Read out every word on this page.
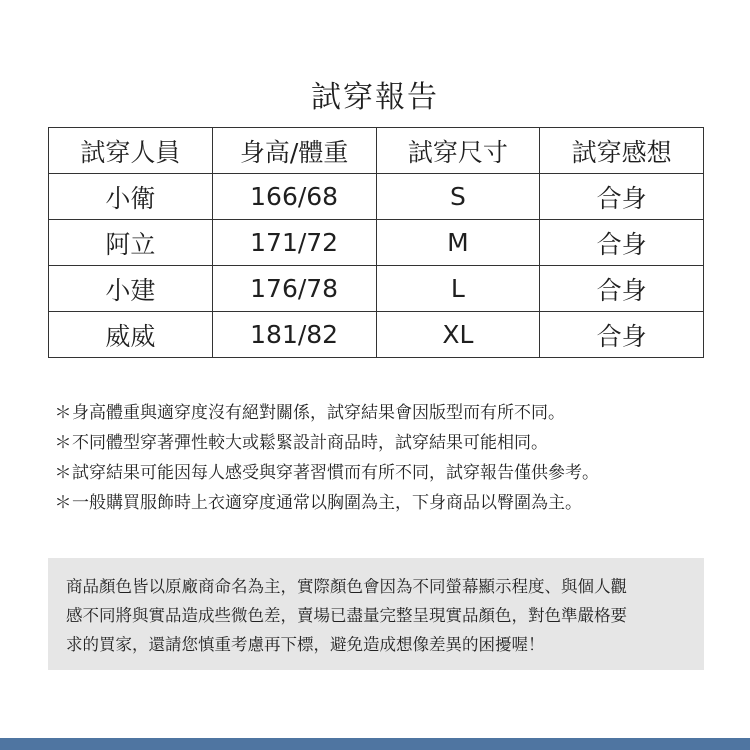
試穿報告
試穿人員	身高/體重	試穿尺寸	試穿感想
小衛	166/68	S	合身
阿立	171/72	M	合身
小建	176/78	L	合身
威威	181/82	XL	合身
＊身高體重與適穿度沒有絕對關係，試穿結果會因版型而有所不同。
＊不同體型穿著彈性較大或鬆緊設計商品時，試穿結果可能相同。
＊試穿結果可能因每人感受與穿著習慣而有所不同，試穿報告僅供參考。
＊一般購買服飾時上衣適穿度通常以胸圍為主，下身商品以臀圍為主。
商品顏色皆以原廠商命名為主，實際顏色會因為不同螢幕顯示程度、與個人觀
感不同將與實品造成些微色差，賣場已盡量完整呈現實品顏色，對色準嚴格要
求的買家，還請您慎重考慮再下標，避免造成想像差異的困擾喔！
